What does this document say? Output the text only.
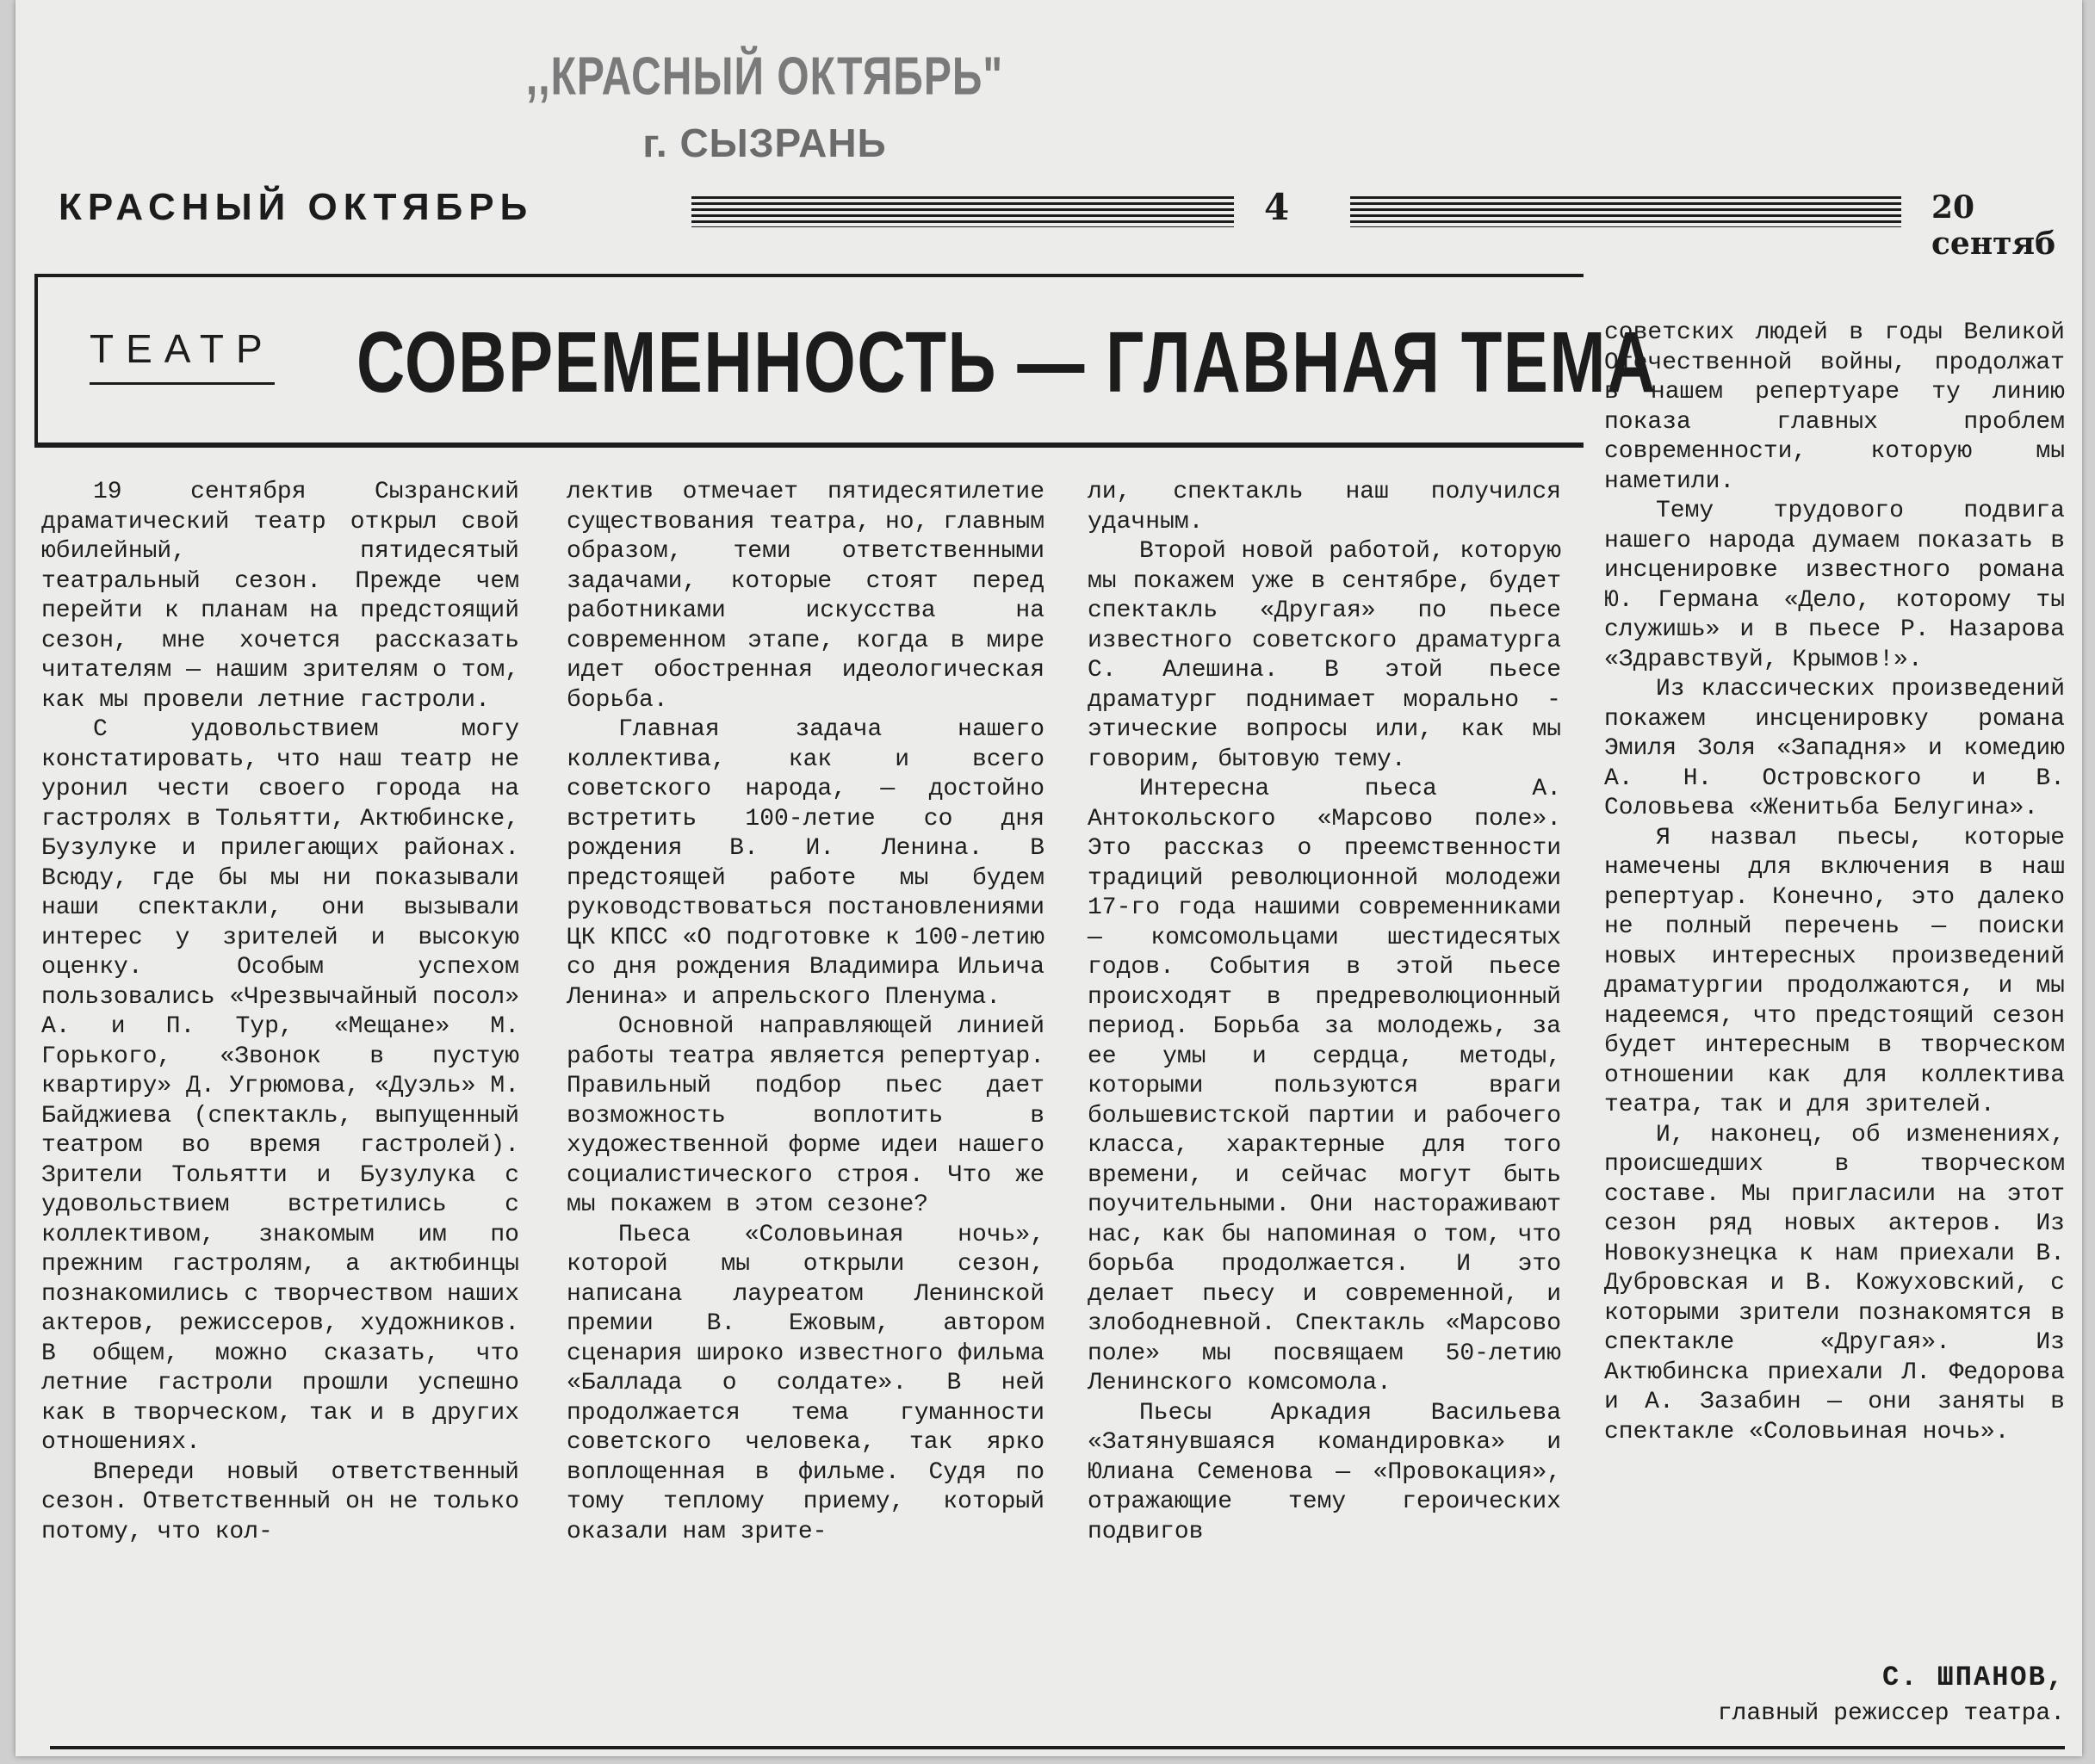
,,КРАСНЫЙ ОКТЯБРЬ"
г. СЫЗРАНЬ
КРАСНЫЙ ОКТЯБРЬ	4	20 сентяб
ТЕАТР СОВРЕМЕННОСТЬ — ГЛАВНАЯ ТЕМА

19 сентября Сызранский драматический театр открыл свой юбилейный, пятидесятый театральный сезон. Прежде чем перейти к планам на предстоящий сезон, мне хочется рассказать читателям — нашим зрителям о том, как мы провели летние гастроли.

С удовольствием могу констатировать, что наш театр не уронил чести своего города на гастролях в Тольятти, Актюбинске, Бузулуке и прилегающих районах. Всюду, где бы мы ни показывали наши спектакли, они вызывали интерес у зрителей и высокую оценку. Особым успехом пользовались «Чрезвычайный посол» А. и П. Тур, «Мещане» М. Горького, «Звонок в пустую квартиру» Д. Угрюмова, «Дуэль» М. Байджиева (спектакль, выпущенный театром во время гастролей). Зрители Тольятти и Бузулука с удовольствием встретились с коллективом, знакомым им по прежним гастролям, а актюбинцы познакомились с творчеством наших актеров, режиссеров, художников. В общем, можно сказать, что летние гастроли прошли успешно как в творческом, так и в других отношениях.

Впереди новый ответственный сезон. Ответственный он не только потому, что кол-

лектив отмечает пятидесятилетие существования театра, но, главным образом, теми ответственными задачами, которые стоят перед работниками искусства на современном этапе, когда в мире идет обостренная идеологическая борьба.

Главная задача нашего коллектива, как и всего советского народа, — достойно встретить 100-летие со дня рождения В. И. Ленина. В предстоящей работе мы будем руководствоваться постановлениями ЦК КПСС «О подготовке к 100-летию со дня рождения Владимира Ильича Ленина» и апрельского Пленума.

Основной направляющей линией работы театра является репертуар. Правильный подбор пьес дает возможность воплотить в художественной форме идеи нашего социалистического строя. Что же мы покажем в этом сезоне?

Пьеса «Соловьиная ночь», которой мы открыли сезон, написана лауреатом Ленинской премии В. Ежовым, автором сценария широко известного фильма «Баллада о солдате». В ней продолжается тема гуманности советского человека, так ярко воплощенная в фильме. Судя по тому теплому приему, который оказали нам зрите-

ли, спектакль наш получился удачным.

Второй новой работой, которую мы покажем уже в сентябре, будет спектакль «Другая» по пьесе известного советского драматурга С. Алешина. В этой пьесе драматург поднимает морально - этические вопросы или, как мы говорим, бытовую тему.

Интересна пьеса А. Антокольского «Марсово поле». Это рассказ о преемственности традиций революционной молодежи 17-го года нашими современниками — комсомольцами шестидесятых годов. События в этой пьесе происходят в предреволюционный период. Борьба за молодежь, за ее умы и сердца, методы, которыми пользуются враги большевистской партии и рабочего класса, характерные для того времени, и сейчас могут быть поучительными. Они настораживают нас, как бы напоминая о том, что борьба продолжается. И это делает пьесу и современной, и злободневной. Спектакль «Марсово поле» мы посвящаем 50-летию Ленинского комсомола.

Пьесы Аркадия Васильева «Затянувшаяся командировка» и Юлиана Семенова — «Провокация», отражающие тему героических подвигов

советских людей в годы Великой Отечественной войны, продолжат в нашем репертуаре ту линию показа главных проблем современности, которую мы наметили.

Тему трудового подвига нашего народа думаем показать в инсценировке известного романа Ю. Германа «Дело, которому ты служишь» и в пьесе Р. Назарова «Здравствуй, Крымов!».

Из классических произведений покажем инсценировку романа Эмиля Золя «Западня» и комедию А. Н. Островского и В. Соловьева «Женитьба Белугина».

Я назвал пьесы, которые намечены для включения в наш репертуар. Конечно, это далеко не полный перечень — поиски новых интересных произведений драматургии продолжаются, и мы надеемся, что предстоящий сезон будет интересным в творческом отношении как для коллектива театра, так и для зрителей.

И, наконец, об изменениях, происшедших в творческом составе. Мы пригласили на этот сезон ряд новых актеров. Из Новокузнецка к нам приехали В. Дубровская и В. Кожуховский, с которыми зрители познакомятся в спектакле «Другая». Из Актюбинска приехали Л. Федорова и А. Зазабин — они заняты в спектакле «Соловьиная ночь».

С. ШПАНОВ,
главный режиссер театра.
